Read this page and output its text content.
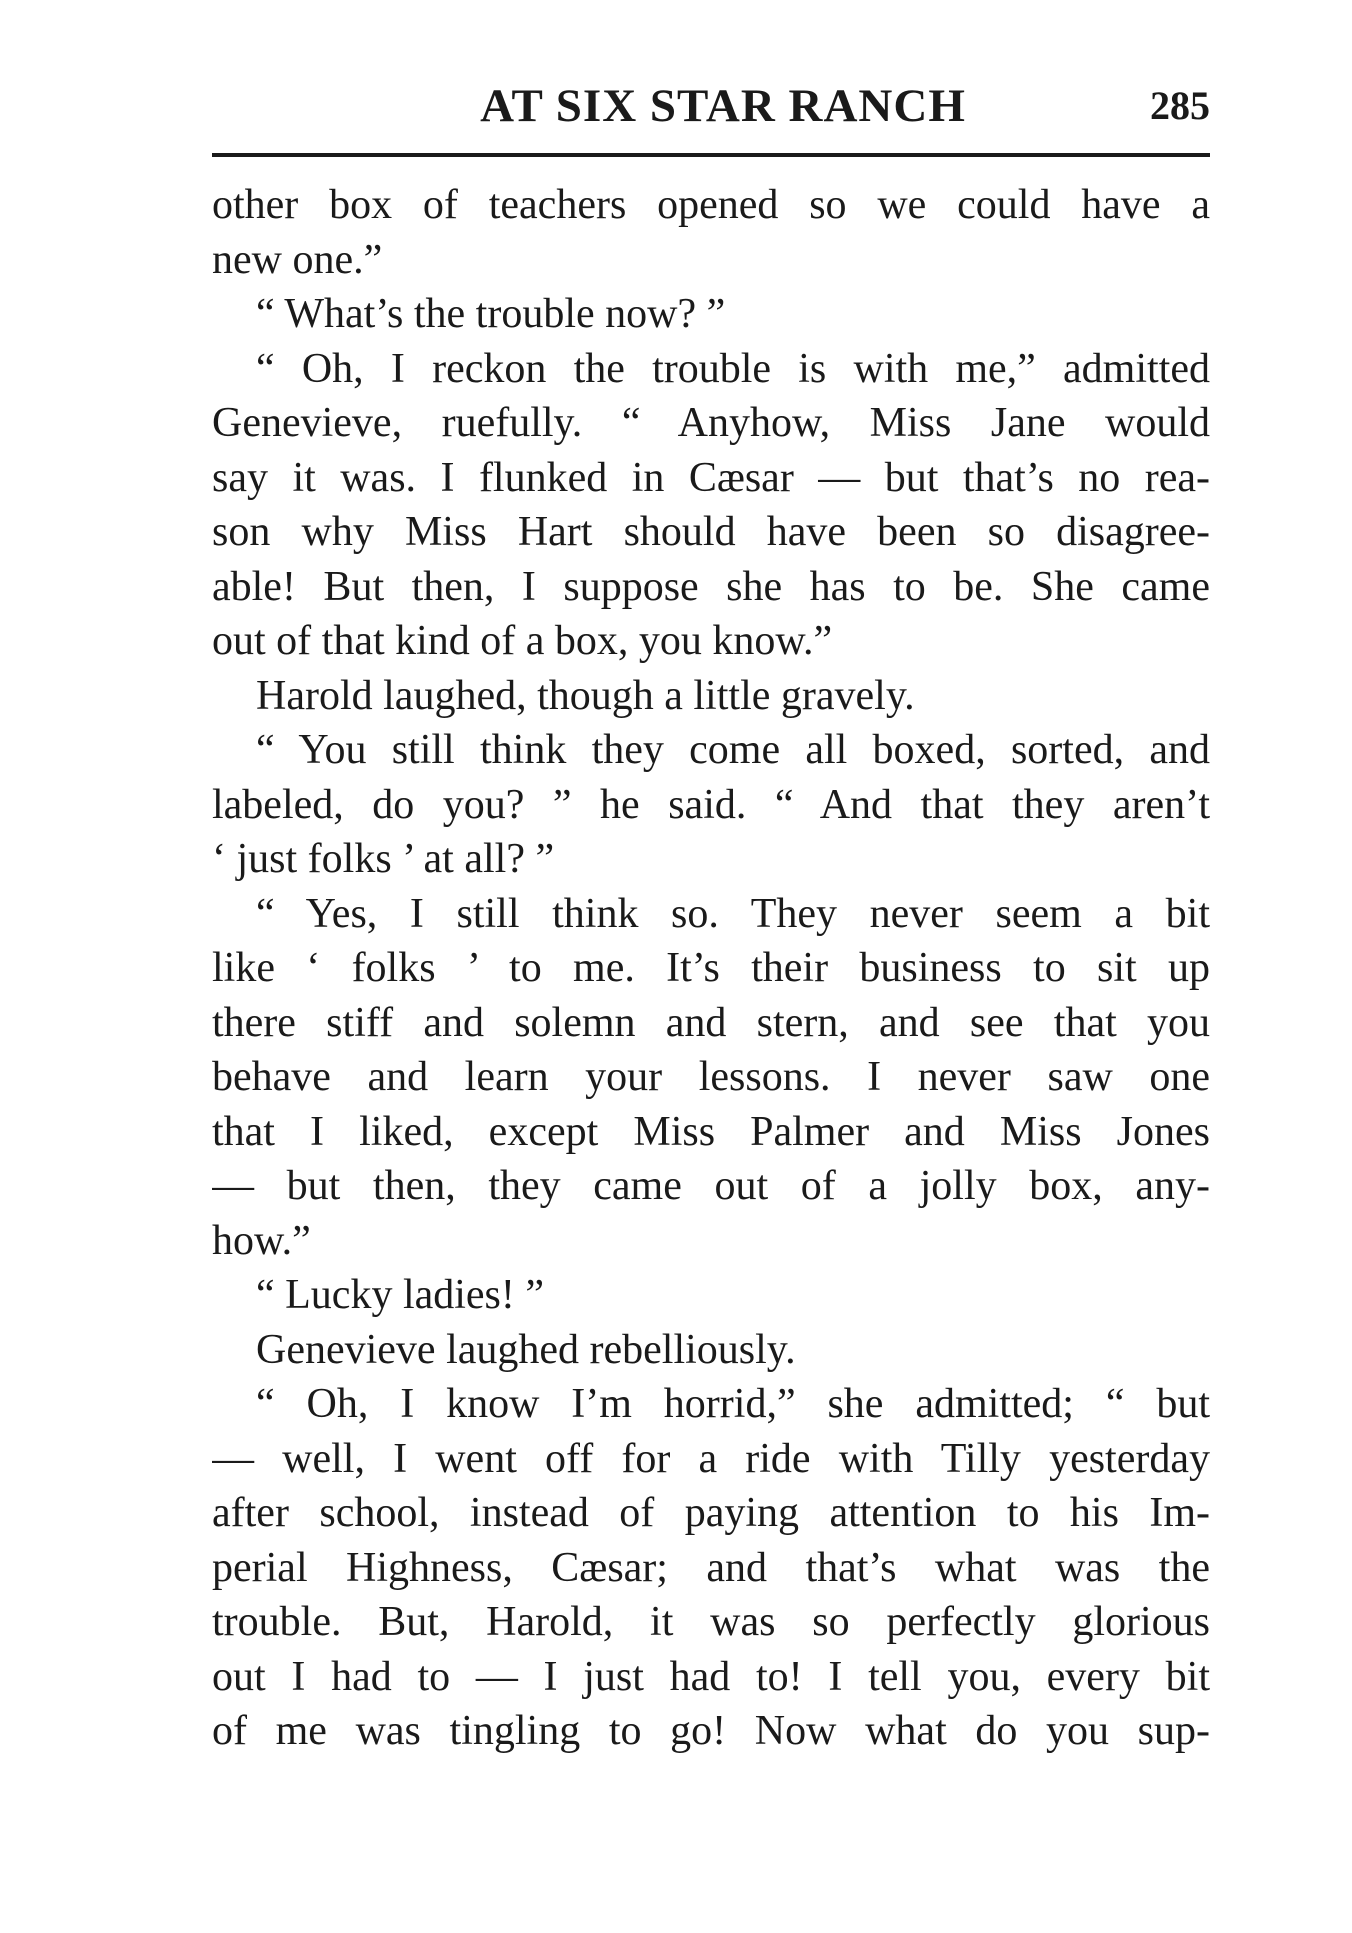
AT SIX STAR RANCH	285
other box of teachers opened so we could have a
new one.”
“ What’s the trouble now? ”
“ Oh, I reckon the trouble is with me,” admitted
Genevieve, ruefully. “ Anyhow, Miss Jane would
say it was. I flunked in Cæsar — but that’s no rea-
son why Miss Hart should have been so disagree-
able! But then, I suppose she has to be. She came
out of that kind of a box, you know.”
Harold laughed, though a little gravely.
“ You still think they come all boxed, sorted, and
labeled, do you? ” he said. “ And that they aren’t
‘ just folks ’ at all? ”
“ Yes, I still think so. They never seem a bit
like ‘ folks ’ to me. It’s their business to sit up
there stiff and solemn and stern, and see that you
behave and learn your lessons. I never saw one
that I liked, except Miss Palmer and Miss Jones
— but then, they came out of a jolly box, any-
how.”
“ Lucky ladies! ”
Genevieve laughed rebelliously.
“ Oh, I know I’m horrid,” she admitted; “ but
— well, I went off for a ride with Tilly yesterday
after school, instead of paying attention to his Im-
perial Highness, Cæsar; and that’s what was the
trouble. But, Harold, it was so perfectly glorious
out I had to — I just had to! I tell you, every bit
of me was tingling to go! Now what do you sup-
